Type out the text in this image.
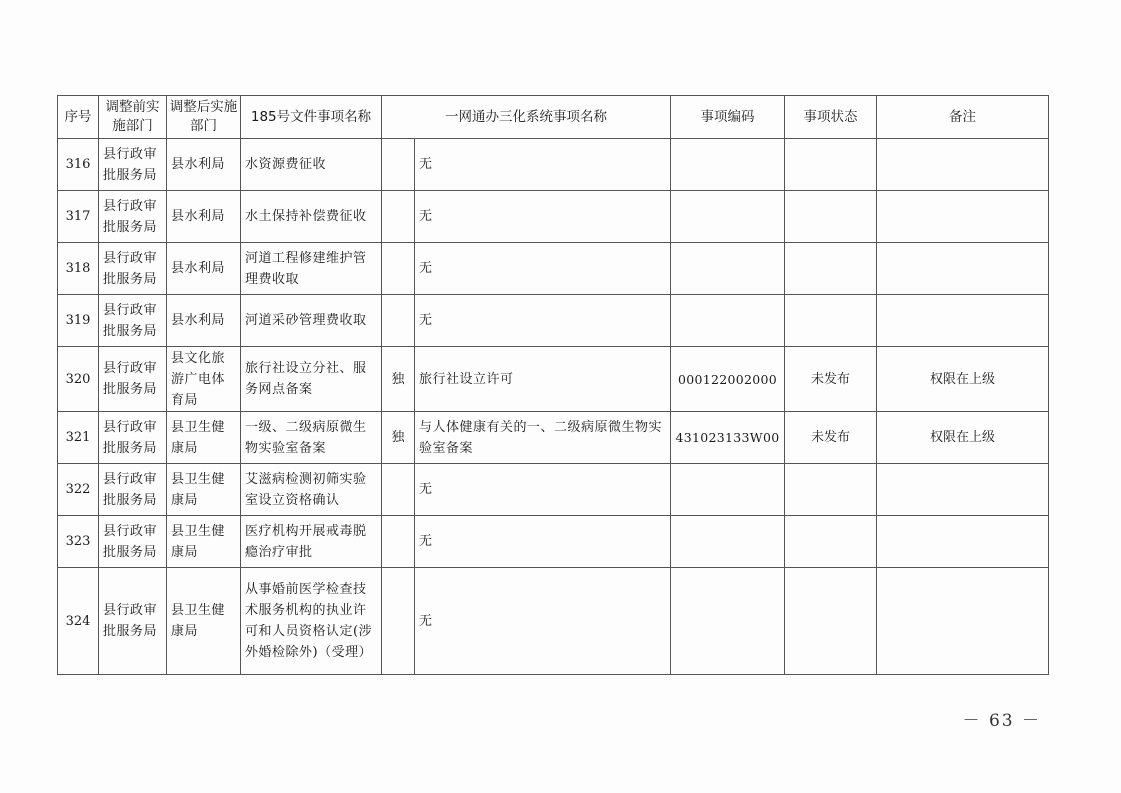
序号	调整前实施部门	调整后实施部门	185号文件事项名称	一网通办三化系统事项名称		事项编码	事项状态	备注
316	县行政审批服务局	县水利局	水资源费征收		无			
317	县行政审批服务局	县水利局	水土保持补偿费征收		无			
318	县行政审批服务局	县水利局	河道工程修建维护管理费收取		无			
319	县行政审批服务局	县水利局	河道采砂管理费收取		无			
320	县行政审批服务局	县文化旅游广电体育局	旅行社设立分社、服务网点备案	独	旅行社设立许可	000122002000	未发布	权限在上级
321	县行政审批服务局	县卫生健康局	一级、二级病原微生物实验室备案	独	与人体健康有关的一、二级病原微生物实验室备案	431023133W00	未发布	权限在上级
322	县行政审批服务局	县卫生健康局	艾滋病检测初筛实验室设立资格确认		无			
323	县行政审批服务局	县卫生健康局	医疗机构开展戒毒脱瘾治疗审批		无			
324	县行政审批服务局	县卫生健康局	从事婚前医学检查技术服务机构的执业许可和人员资格认定(涉外婚检除外)（受理）		无			
－ 63 －
